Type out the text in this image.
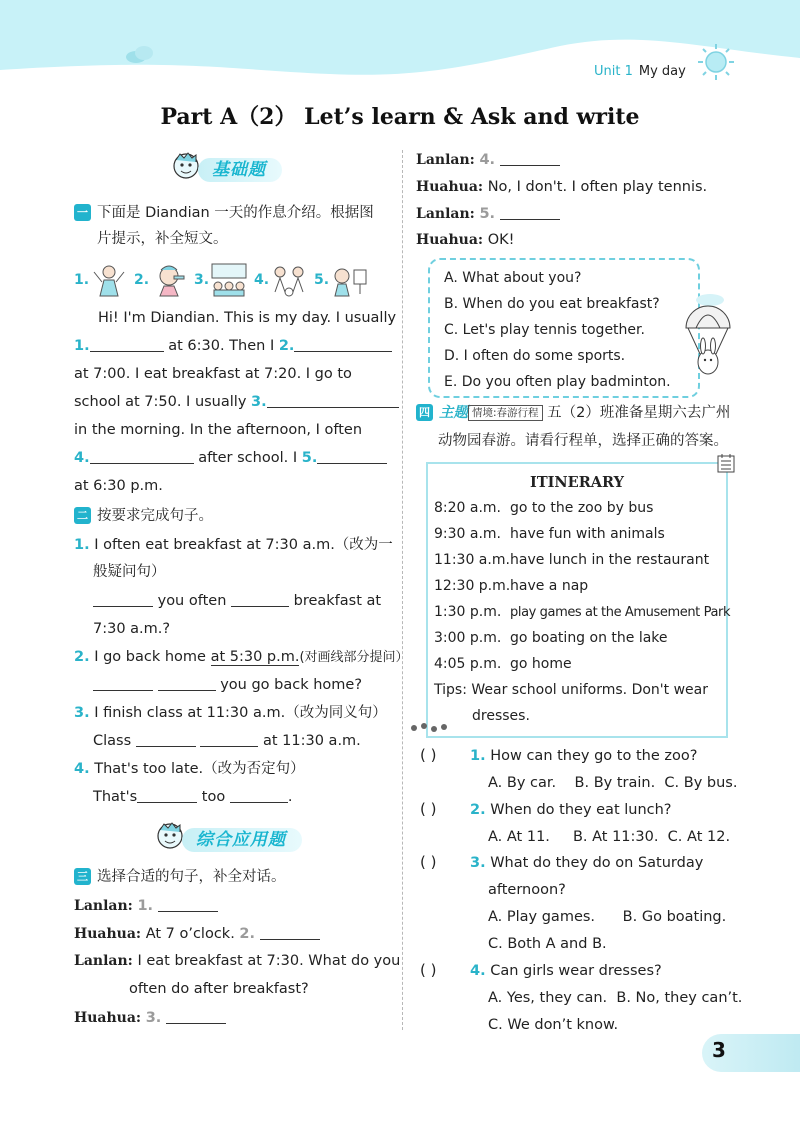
Unit 1 My day
Part A（2） Let’s learn & Ask and write
基础题
一 下面是 Diandian 一天的作息介绍。根据图
片提示，补全短文。
1.	2.	3.	4.	5.
Hi! I'm Diandian. This is my day. I usually
1.	at 6:30. Then I 2.
at 7:00. I eat breakfast at 7:20. I go to
school at 7:50. I usually 3.
in the morning. In the afternoon, I often
4.	after school. I 5.
at 6:30 p.m.
二 按要求完成句子。
1. I often eat breakfast at 7:30 a.m.（改为一
般疑问句）
you often	breakfast at
7:30 a.m.?
2. I go back home at 5:30 p.m.(对画线部分提问）
you go back home?
3. I finish class at 11:30 a.m.（改为同义句）
Class	at 11:30 a.m.
4. That's too late.（改为否定句）
That's	too	.
综合应用题
三 选择合适的句子，补全对话。
Lanlan: 1.
Huahua: At 7 o’clock. 2.
Lanlan: I eat breakfast at 7:30. What do you
often do after breakfast?
Huahua: 3.
Lanlan: 4.
Huahua: No, I don't. I often play tennis.
Lanlan: 5.
Huahua: OK!
A. What about you?
B. When do you eat breakfast?
C. Let's play tennis together.
D. I often do some sports.
E. Do you often play badminton.
四 主题 情境:春游行程 五（2）班准备星期六去广州
动物园春游。请看行程单，选择正确的答案。
ITINERARY
8:20 a.m. go to the zoo by bus
9:30 a.m. have fun with animals
11:30 a.m.have lunch in the restaurant
12:30 p.m.have a nap
1:30 p.m. play games at the Amusement Park
3:00 p.m. go boating on the lake
4:05 p.m. go home
Tips: Wear school uniforms. Don't wear
dresses.
( ) 1. How can they go to the zoo?
A. By car.    B. By train.  C. By bus.
( ) 2. When do they eat lunch?
A. At 11.     B. At 11:30.  C. At 12.
( ) 3. What do they do on Saturday
afternoon?
A. Play games.      B. Go boating.
C. Both A and B.
( ) 4. Can girls wear dresses?
A. Yes, they can.  B. No, they can’t.
C. We don’t know.
3
